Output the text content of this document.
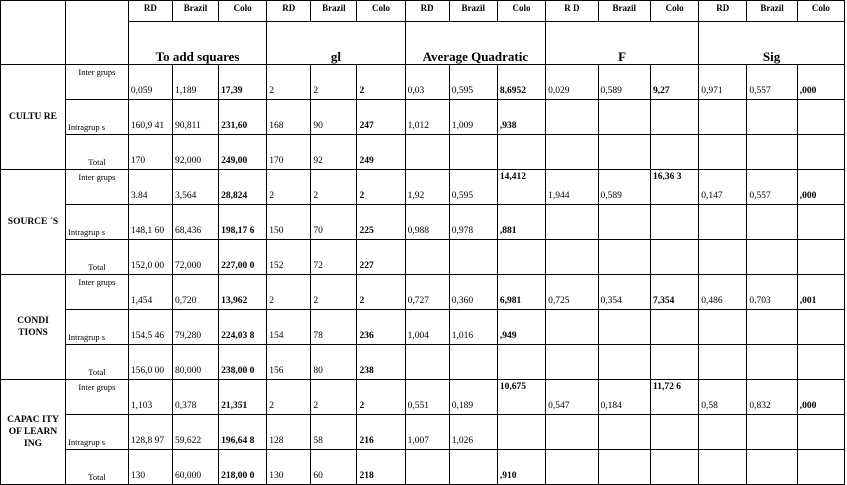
		RD	Brazil	Colo	RD	Brazil	Colo	RD	Brazil	Colo	R D	Brazil	Colo	RD	Brazil	Colo
		To add squares			gl			Average Quadratic			F			Sig		
CULTU RE	Inter grups	0,059	1,189	17,39	2	2	2	0,03	0,595	8,6952	0,029	0,589	9,27	0,971	0,557	,000
	Intragrup s	160,9 41	90,811	231,60	168	90	247	1,012	1,009	,938						
	Total	170	92,000	249,00	170	92	249									
SOURCE ´S	Inter grups	3.84	3,564	28,824	2	2	2	1,92	0,595	14,412	1,944	0,589	16,36 3	0,147	0,557	,000
	Intragrup s	148,1 60	68,436	198,17 6	150	70	225	0,988	0,978	,881						
	Total	152,0 00	72,000	227,00 0	152	72	227									
CONDI TIONS	Inter grups	1,454	0,720	13,962	2	2	2	0,727	0,360	6,981	0,725	0,354	7,354	0,486	0.703	,001
	Intragrup s	154,5 46	79,280	224,03 8	154	78	236	1,004	1,016	,949						
	Total	156,0 00	80,000	238,00 0	156	80	238									
CAPAC ITY OF LEARN ING	Inter grups	1,103	0,378	21,351	2	2	2	0,551	0,189	10,675	0,547	0,184	11,72 6	0,58	0,832	,000
	Intragrup s	128,8 97	59,622	196,64 8	128	58	216	1,007	1,026							
	Total	130	60,000	218,00 0	130	60	218			,910						
